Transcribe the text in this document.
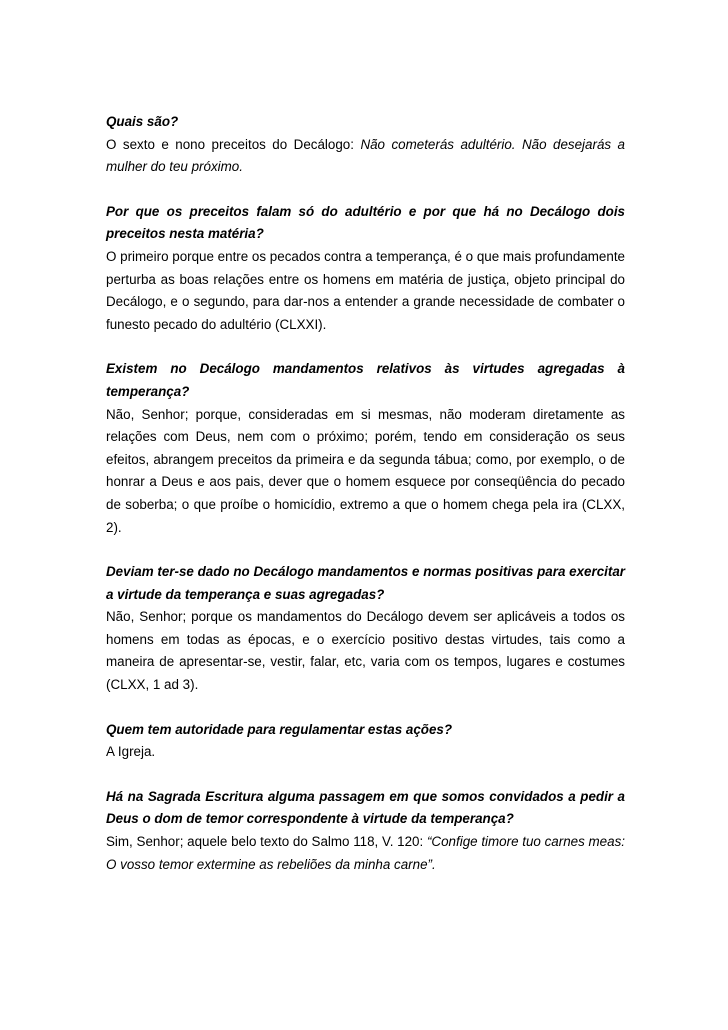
Quais são?

O sexto e nono preceitos do Decálogo: Não cometerás adultério. Não desejarás a mulher do teu próximo.

Por que os preceitos falam só do adultério e por que há no Decálogo dois preceitos nesta matéria?

O primeiro porque entre os pecados contra a temperança, é o que mais profundamente perturba as boas relações entre os homens em matéria de justiça, objeto principal do Decálogo, e o segundo, para dar-nos a entender a grande necessidade de combater o funesto pecado do adultério (CLXXI).

Existem no Decálogo mandamentos relativos às virtudes agregadas à temperança?

Não, Senhor; porque, consideradas em si mesmas, não moderam diretamente as relações com Deus, nem com o próximo; porém, tendo em consideração os seus efeitos, abrangem preceitos da primeira e da segunda tábua; como, por exemplo, o de honrar a Deus e aos pais, dever que o homem esquece por conseqüência do pecado de soberba; o que proíbe o homicídio, extremo a que o homem chega pela ira (CLXX, 2).

Deviam ter-se dado no Decálogo mandamentos e normas positivas para exercitar a virtude da temperança e suas agregadas?

Não, Senhor; porque os mandamentos do Decálogo devem ser aplicáveis a todos os homens em todas as épocas, e o exercício positivo destas virtudes, tais como a maneira de apresentar-se, vestir, falar, etc, varia com os tempos, lugares e costumes (CLXX, 1 ad 3).

Quem tem autoridade para regulamentar estas ações?

A Igreja.

Há na Sagrada Escritura alguma passagem em que somos convidados a pedir a Deus o dom de temor correspondente à virtude da temperança?

Sim, Senhor; aquele belo texto do Salmo 118, V. 120: “Confige timore tuo carnes meas: O vosso temor extermine as rebeliões da minha carne”.
